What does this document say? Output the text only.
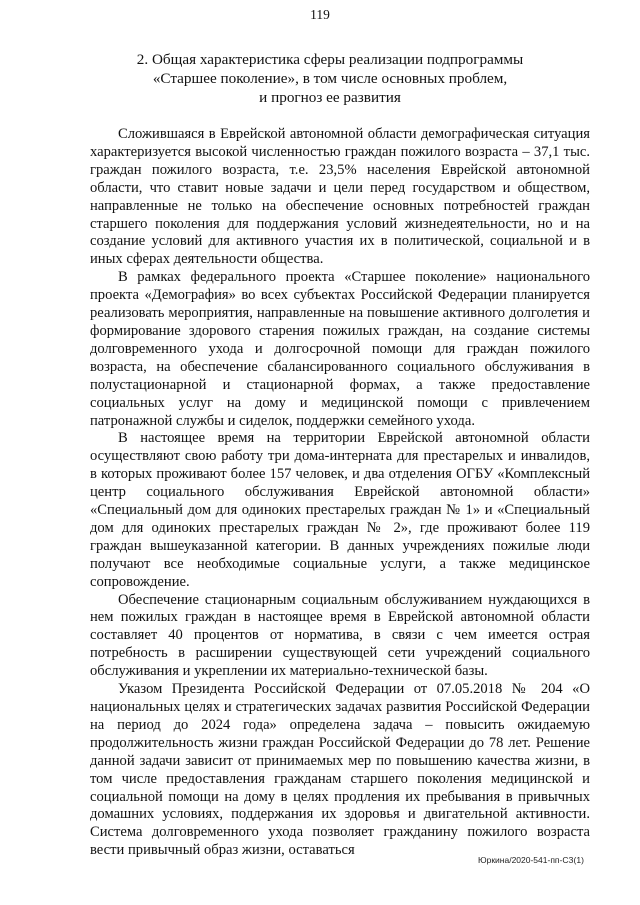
119
2. Общая характеристика сферы реализации подпрограммы
«Старшее поколение», в том числе основных проблем,
и прогноз ее развития

Сложившаяся в Еврейской автономной области демографическая ситуация характеризуется высокой численностью граждан пожилого возраста – 37,1 тыс. граждан пожилого возраста, т.е. 23,5% населения Еврейской автономной области, что ставит новые задачи и цели перед государством и обществом, направленные не только на обеспечение основных потребностей граждан старшего поколения для поддержания условий жизнедеятельности, но и на создание условий для активного участия их в политической, социальной и в иных сферах деятельности общества.

В рамках федерального проекта «Старшее поколение» национального проекта «Демография» во всех субъектах Российской Федерации планируется реализовать мероприятия, направленные на повышение активного долголетия и формирование здорового старения пожилых граждан, на создание системы долговременного ухода и долгосрочной помощи для граждан пожилого возраста, на обеспечение сбалансированного социального обслуживания в полустационарной и стационарной формах, а также предоставление социальных услуг на дому и медицинской помощи с привлечением патронажной службы и сиделок, поддержки семейного ухода.

В настоящее время на территории Еврейской автономной области осуществляют свою работу три дома-интерната для престарелых и инвалидов, в которых проживают более 157 человек, и два отделения ОГБУ «Комплексный центр социального обслуживания Еврейской автономной области» «Специальный дом для одиноких престарелых граждан № 1» и «Специальный дом для одиноких престарелых граждан № 2», где проживают более 119 граждан вышеуказанной категории. В данных учреждениях пожилые люди получают все необходимые социальные услуги, а также медицинское сопровождение.

Обеспечение стационарным социальным обслуживанием нуждающихся в нем пожилых граждан в настоящее время в Еврейской автономной области составляет 40 процентов от норматива, в связи с чем имеется острая потребность в расширении существующей сети учреждений социального обслуживания и укреплении их материально-технической базы.

Указом Президента Российской Федерации от 07.05.2018 № 204 «О национальных целях и стратегических задачах развития Российской Федерации на период до 2024 года» определена задача – повысить ожидаемую продолжительность жизни граждан Российской Федерации до 78 лет. Решение данной задачи зависит от принимаемых мер по повышению качества жизни, в том числе предоставления гражданам старшего поколения медицинской и социальной помощи на дому в целях продления их пребывания в привычных домашних условиях, поддержания их здоровья и двигательной активности. Система долговременного ухода позволяет гражданину пожилого возраста вести привычный образ жизни, оставаться

Юркина/2020-541-пп-СЗ(1)
